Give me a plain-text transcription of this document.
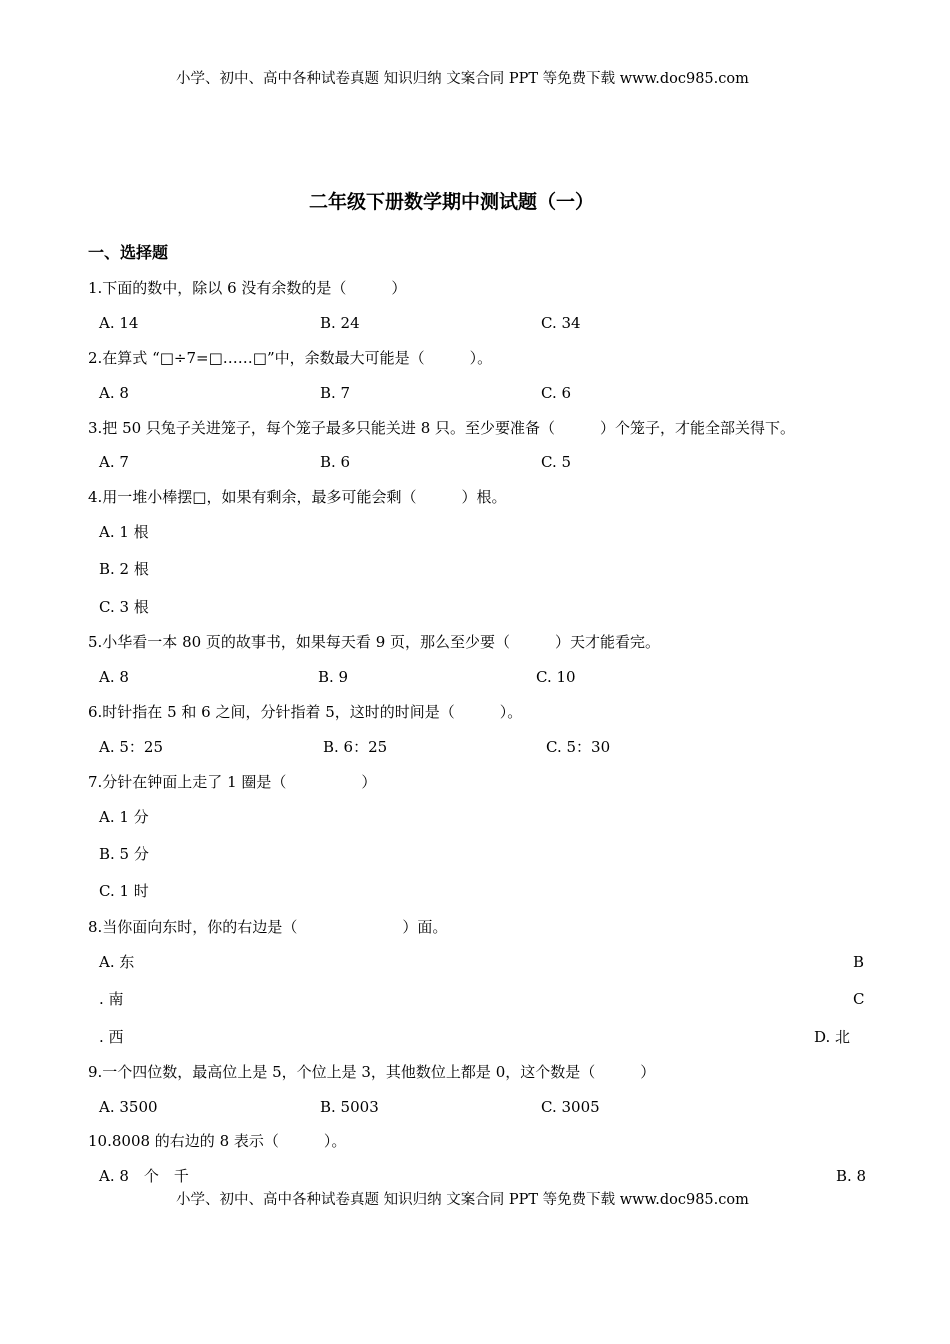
小学、初中、高中各种试卷真题 知识归纳 文案合同 PPT 等免费下载 www.doc985.com
二年级下册数学期中测试题（一）
一、选择题
1.下面的数中，除以 6 没有余数的是（　　　）
A. 14	B. 24	C. 34
2.在算式 “□÷7=□……□”中，余数最大可能是（　　　）。
A. 8	B. 7	C. 6
3.把 50 只兔子关进笼子，每个笼子最多只能关进 8 只。至少要准备（　　　）个笼子，才能全部关得下。
A. 7	B. 6	C. 5
4.用一堆小棒摆□，如果有剩余，最多可能会剩（　　　）根。
A. 1 根
B. 2 根
C. 3 根
5.小华看一本 80 页的故事书，如果每天看 9 页，那么至少要（　　　）天才能看完。
A. 8	B. 9	C. 10
6.时针指在 5 和 6 之间，分针指着 5，这时的时间是（　　　）。
A. 5：25	B. 6：25	C. 5：30
7.分针在钟面上走了 1 圈是（　　　　　）
A. 1 分
B. 5 分
C. 1 时
8.当你面向东时，你的右边是（　　　　　　　）面。
A. 东	B
. 南	C
. 西	D. 北
9.一个四位数，最高位上是 5，个位上是 3，其他数位上都是 0，这个数是（　　　）
A. 3500	B. 5003	C. 3005
10.8008 的右边的 8 表示（　　　）。
A. 8　个　千	B. 8
小学、初中、高中各种试卷真题 知识归纳 文案合同 PPT 等免费下载 www.doc985.com
